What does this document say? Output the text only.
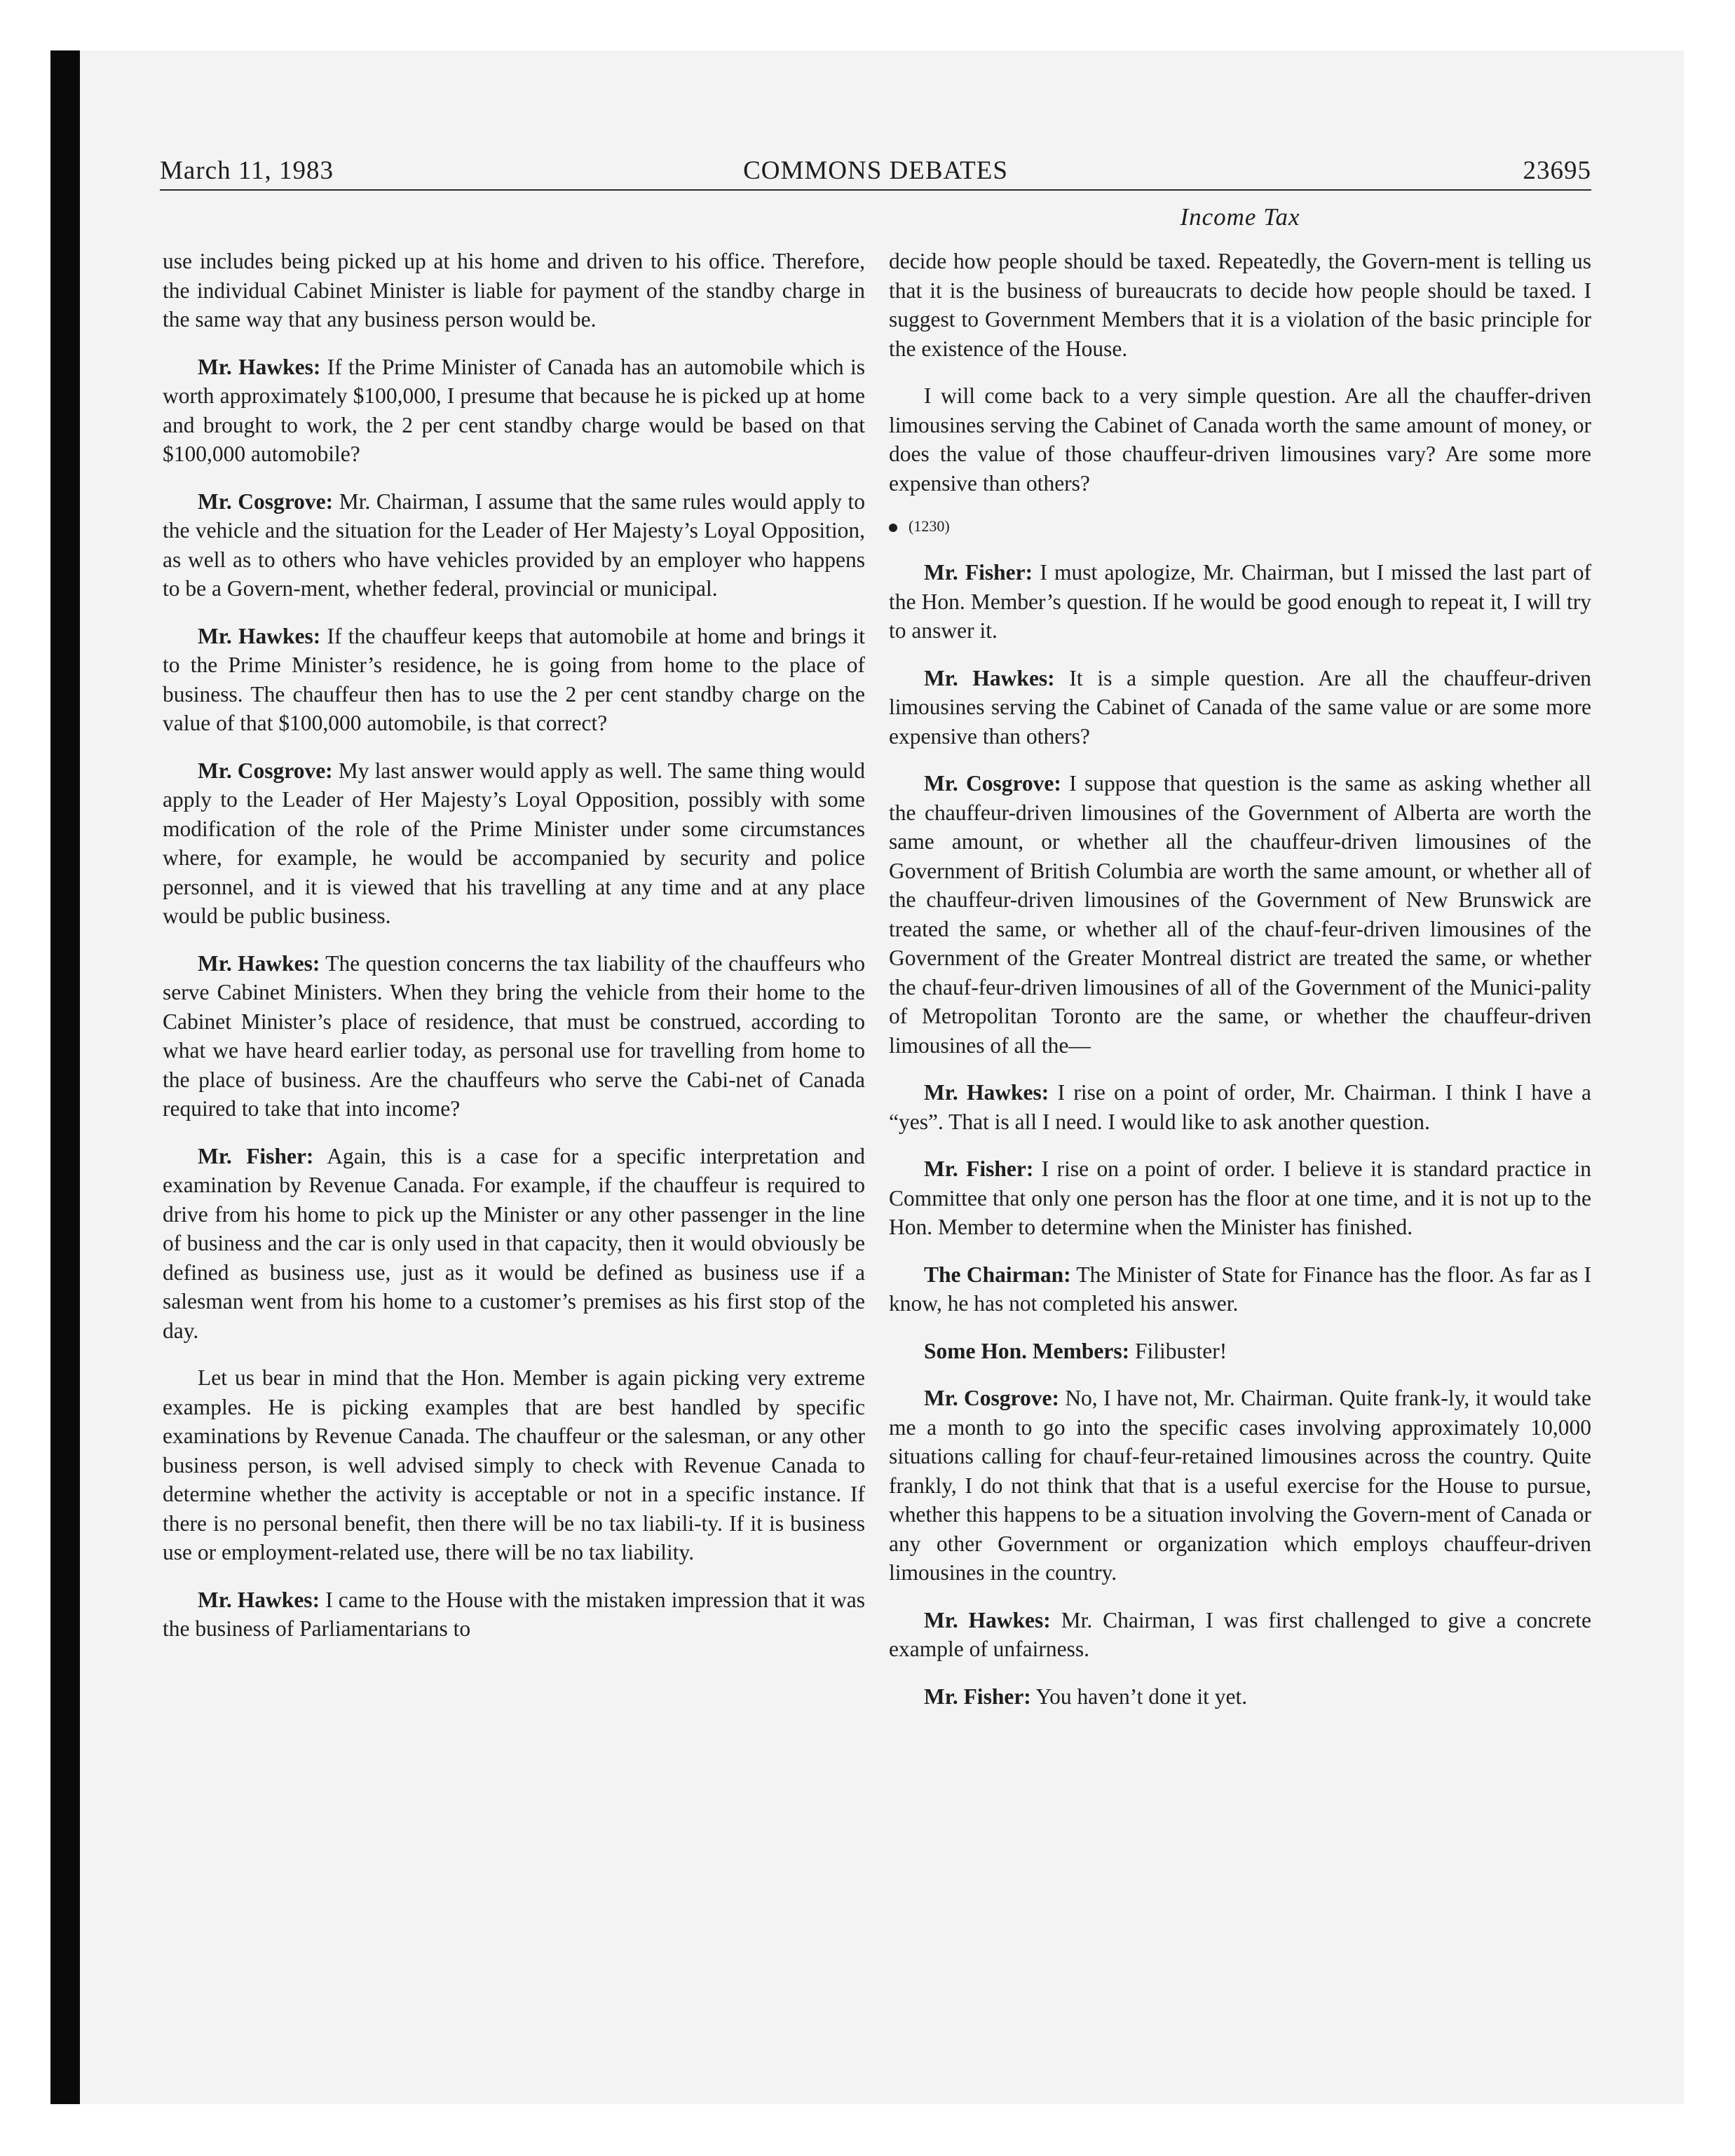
March 11, 1983	COMMONS DEBATES	23695
Income Tax

use includes being picked up at his home and driven to his office. Therefore, the individual Cabinet Minister is liable for payment of the standby charge in the same way that any business person would be.

Mr. Hawkes: If the Prime Minister of Canada has an automobile which is worth approximately $100,000, I presume that because he is picked up at home and brought to work, the 2 per cent standby charge would be based on that $100,000 automobile?

Mr. Cosgrove: Mr. Chairman, I assume that the same rules would apply to the vehicle and the situation for the Leader of Her Majesty’s Loyal Opposition, as well as to others who have vehicles provided by an employer who happens to be a Govern-ment, whether federal, provincial or municipal.

Mr. Hawkes: If the chauffeur keeps that automobile at home and brings it to the Prime Minister’s residence, he is going from home to the place of business. The chauffeur then has to use the 2 per cent standby charge on the value of that $100,000 automobile, is that correct?

Mr. Cosgrove: My last answer would apply as well. The same thing would apply to the Leader of Her Majesty’s Loyal Opposition, possibly with some modification of the role of the Prime Minister under some circumstances where, for example, he would be accompanied by security and police personnel, and it is viewed that his travelling at any time and at any place would be public business.

Mr. Hawkes: The question concerns the tax liability of the chauffeurs who serve Cabinet Ministers. When they bring the vehicle from their home to the Cabinet Minister’s place of residence, that must be construed, according to what we have heard earlier today, as personal use for travelling from home to the place of business. Are the chauffeurs who serve the Cabi-net of Canada required to take that into income?

Mr. Fisher: Again, this is a case for a specific interpretation and examination by Revenue Canada. For example, if the chauffeur is required to drive from his home to pick up the Minister or any other passenger in the line of business and the car is only used in that capacity, then it would obviously be defined as business use, just as it would be defined as business use if a salesman went from his home to a customer’s premises as his first stop of the day.

Let us bear in mind that the Hon. Member is again picking very extreme examples. He is picking examples that are best handled by specific examinations by Revenue Canada. The chauffeur or the salesman, or any other business person, is well advised simply to check with Revenue Canada to determine whether the activity is acceptable or not in a specific instance. If there is no personal benefit, then there will be no tax liabili-ty. If it is business use or employment-related use, there will be no tax liability.

Mr. Hawkes: I came to the House with the mistaken impression that it was the business of Parliamentarians to

decide how people should be taxed. Repeatedly, the Govern-ment is telling us that it is the business of bureaucrats to decide how people should be taxed. I suggest to Government Members that it is a violation of the basic principle for the existence of the House.

I will come back to a very simple question. Are all the chauffer-driven limousines serving the Cabinet of Canada worth the same amount of money, or does the value of those chauffeur-driven limousines vary? Are some more expensive than others?

(1230)

Mr. Fisher: I must apologize, Mr. Chairman, but I missed the last part of the Hon. Member’s question. If he would be good enough to repeat it, I will try to answer it.

Mr. Hawkes: It is a simple question. Are all the chauffeur-driven limousines serving the Cabinet of Canada of the same value or are some more expensive than others?

Mr. Cosgrove: I suppose that question is the same as asking whether all the chauffeur-driven limousines of the Government of Alberta are worth the same amount, or whether all the chauffeur-driven limousines of the Government of British Columbia are worth the same amount, or whether all of the chauffeur-driven limousines of the Government of New Brunswick are treated the same, or whether all of the chauf-feur-driven limousines of the Government of the Greater Montreal district are treated the same, or whether the chauf-feur-driven limousines of all of the Government of the Munici-pality of Metropolitan Toronto are the same, or whether the chauffeur-driven limousines of all the—

Mr. Hawkes: I rise on a point of order, Mr. Chairman. I think I have a “yes”. That is all I need. I would like to ask another question.

Mr. Fisher: I rise on a point of order. I believe it is standard practice in Committee that only one person has the floor at one time, and it is not up to the Hon. Member to determine when the Minister has finished.

The Chairman: The Minister of State for Finance has the floor. As far as I know, he has not completed his answer.

Some Hon. Members: Filibuster!

Mr. Cosgrove: No, I have not, Mr. Chairman. Quite frank-ly, it would take me a month to go into the specific cases involving approximately 10,000 situations calling for chauf-feur-retained limousines across the country. Quite frankly, I do not think that that is a useful exercise for the House to pursue, whether this happens to be a situation involving the Govern-ment of Canada or any other Government or organization which employs chauffeur-driven limousines in the country.

Mr. Hawkes: Mr. Chairman, I was first challenged to give a concrete example of unfairness.

Mr. Fisher: You haven’t done it yet.
